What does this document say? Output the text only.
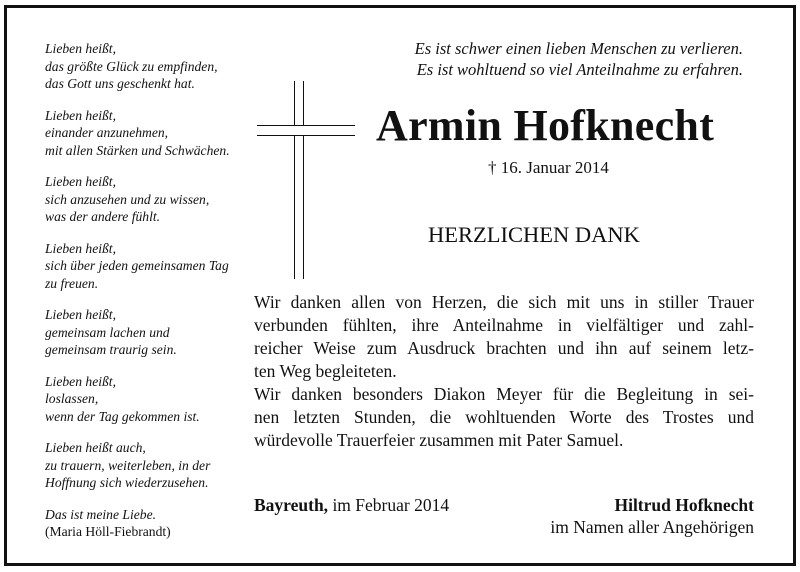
Lieben heißt,
das größte Glück zu empfinden,
das Gott uns geschenkt hat.
Lieben heißt,
einander anzunehmen,
mit allen Stärken und Schwächen.
Lieben heißt,
sich anzusehen und zu wissen,
was der andere fühlt.
Lieben heißt,
sich über jeden gemeinsamen Tag
zu freuen.
Lieben heißt,
gemeinsam lachen und
gemeinsam traurig sein.
Lieben heißt,
loslassen,
wenn der Tag gekommen ist.
Lieben heißt auch,
zu trauern, weiterleben, in der
Hoffnung sich wiederzusehen.
Das ist meine Liebe.
(Maria Höll-Fiebrandt)
Es ist schwer einen lieben Menschen zu verlieren.
Es ist wohltuend so viel Anteilnahme zu erfahren.
Armin Hofknecht
† 16. Januar 2014
HERZLICHEN DANK
Wir danken allen von Herzen, die sich mit uns in stiller Trauer
verbunden fühlten, ihre Anteilnahme in vielfältiger und zahl-
reicher Weise zum Ausdruck brachten und ihn auf seinem letz-
ten Weg begleiteten.
Wir danken besonders Diakon Meyer für die Begleitung in sei-
nen letzten Stunden, die wohltuenden Worte des Trostes und
würdevolle Trauerfeier zusammen mit Pater Samuel.
Bayreuth, im Februar 2014	Hiltrud Hofknecht
im Namen aller Angehörigen
